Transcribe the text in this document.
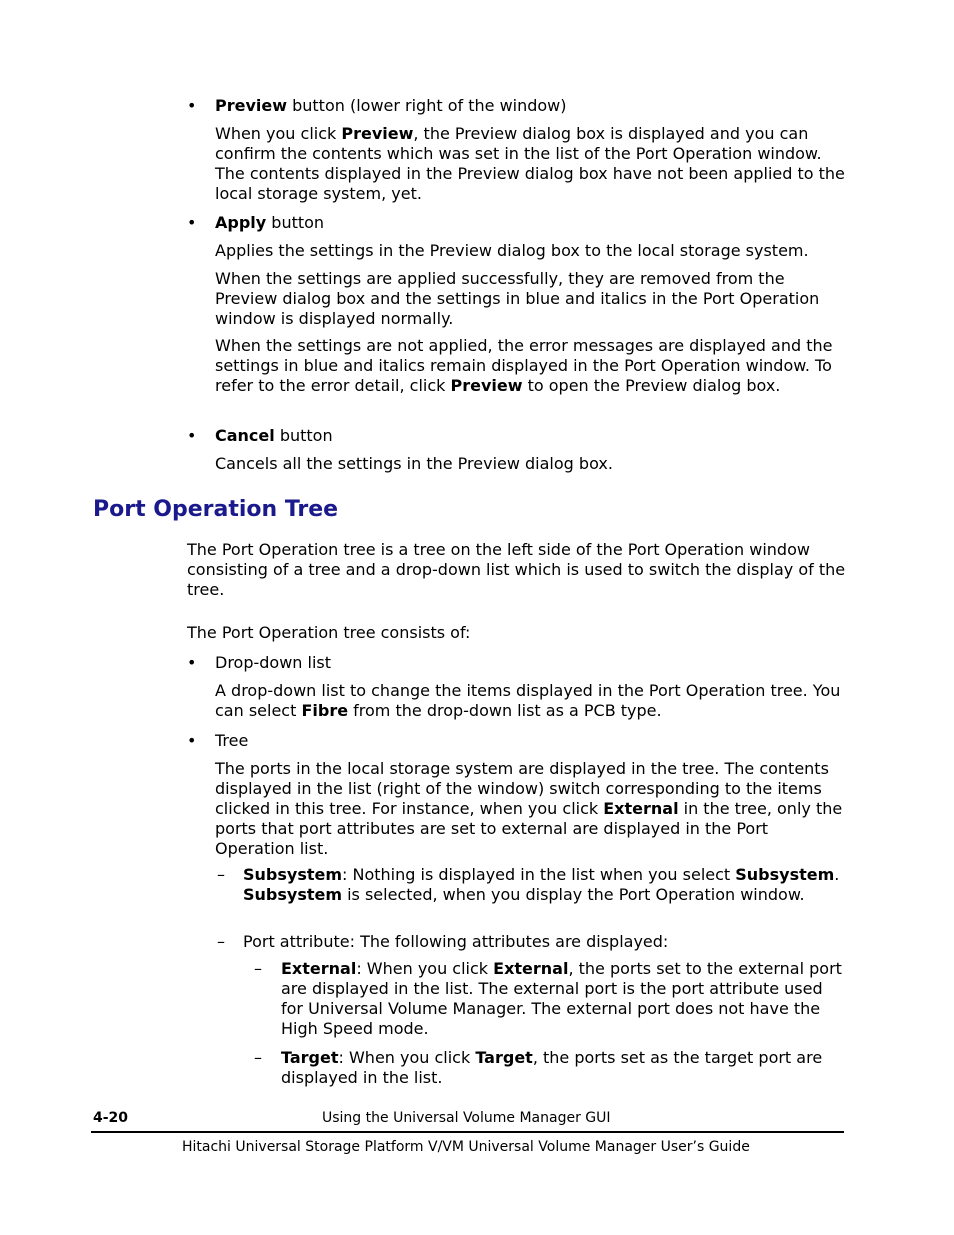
• Preview button (lower right of the window)
When you click Preview, the Preview dialog box is displayed and you can confirm the contents which was set in the list of the Port Operation window. The contents displayed in the Preview dialog box have not been applied to the local storage system, yet.
• Apply button
Applies the settings in the Preview dialog box to the local storage system.
When the settings are applied successfully, they are removed from the Preview dialog box and the settings in blue and italics in the Port Operation window is displayed normally.
When the settings are not applied, the error messages are displayed and the settings in blue and italics remain displayed in the Port Operation window. To refer to the error detail, click Preview to open the Preview dialog box.
• Cancel button
Cancels all the settings in the Preview dialog box.
Port Operation Tree
The Port Operation tree is a tree on the left side of the Port Operation window consisting of a tree and a drop-down list which is used to switch the display of the tree.
The Port Operation tree consists of:
• Drop-down list
A drop-down list to change the items displayed in the Port Operation tree. You can select Fibre from the drop-down list as a PCB type.
• Tree
The ports in the local storage system are displayed in the tree. The contents displayed in the list (right of the window) switch corresponding to the items clicked in this tree. For instance, when you click External in the tree, only the ports that port attributes are set to external are displayed in the Port Operation list.
– Subsystem: Nothing is displayed in the list when you select Subsystem. Subsystem is selected, when you display the Port Operation window.
– Port attribute: The following attributes are displayed:
– External: When you click External, the ports set to the external port are displayed in the list. The external port is the port attribute used for Universal Volume Manager. The external port does not have the High Speed mode.
– Target: When you click Target, the ports set as the target port are displayed in the list.
4-20	Using the Universal Volume Manager GUI
Hitachi Universal Storage Platform V/VM Universal Volume Manager User’s Guide
